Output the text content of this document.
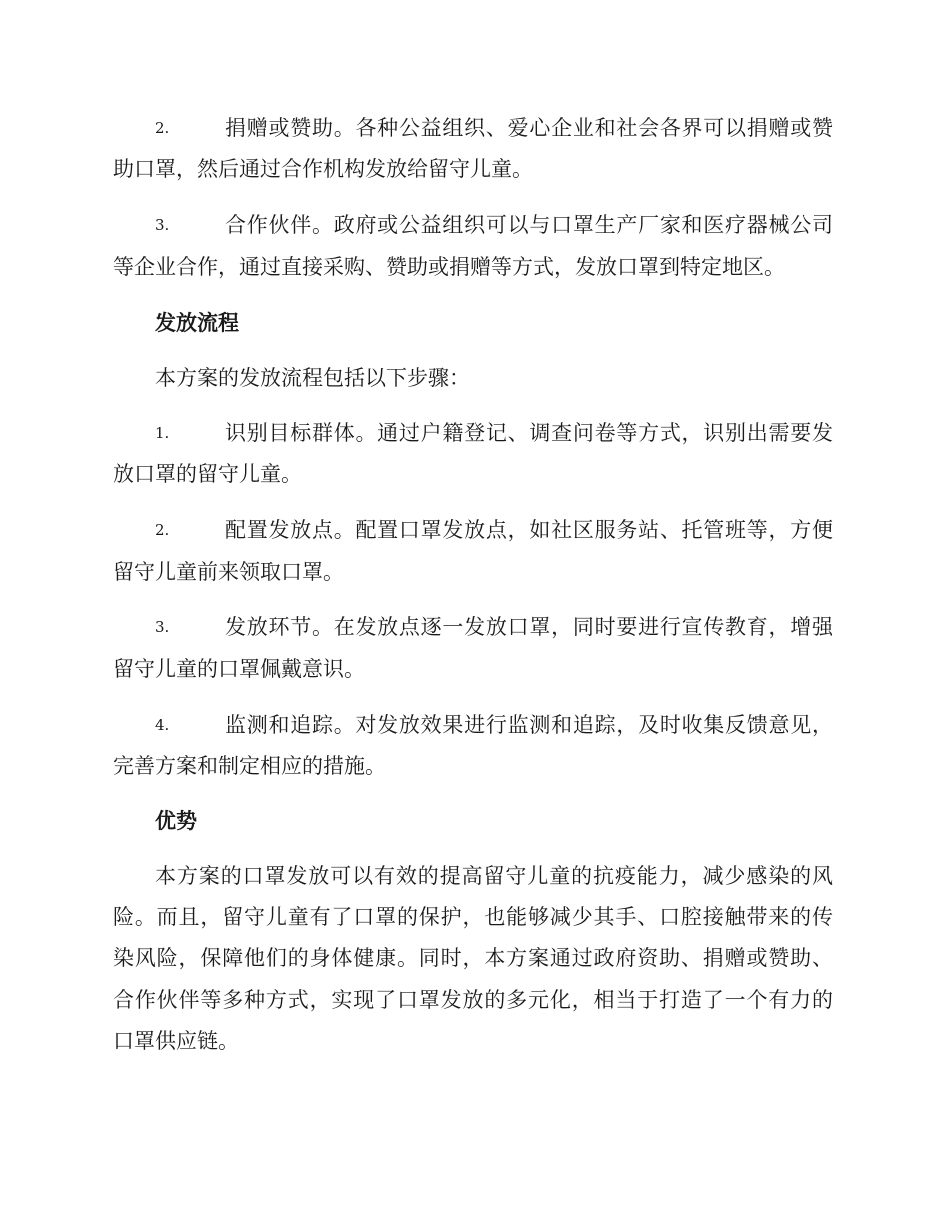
2.	捐赠或赞助。各种公益组织、爱心企业和社会各界可以捐赠或赞
助口罩，然后通过合作机构发放给留守儿童。
3.	合作伙伴。政府或公益组织可以与口罩生产厂家和医疗器械公司
等企业合作，通过直接采购、赞助或捐赠等方式，发放口罩到特定地区。
发放流程
本方案的发放流程包括以下步骤：
1.	识别目标群体。通过户籍登记、调查问卷等方式，识别出需要发
放口罩的留守儿童。
2.	配置发放点。配置口罩发放点，如社区服务站、托管班等，方便
留守儿童前来领取口罩。
3.	发放环节。在发放点逐一发放口罩，同时要进行宣传教育，增强
留守儿童的口罩佩戴意识。
4.	监测和追踪。对发放效果进行监测和追踪，及时收集反馈意见，
完善方案和制定相应的措施。
优势
本方案的口罩发放可以有效的提高留守儿童的抗疫能力，减少感染的风
险。而且，留守儿童有了口罩的保护，也能够减少其手、口腔接触带来的传
染风险，保障他们的身体健康。同时，本方案通过政府资助、捐赠或赞助、
合作伙伴等多种方式，实现了口罩发放的多元化，相当于打造了一个有力的
口罩供应链。
